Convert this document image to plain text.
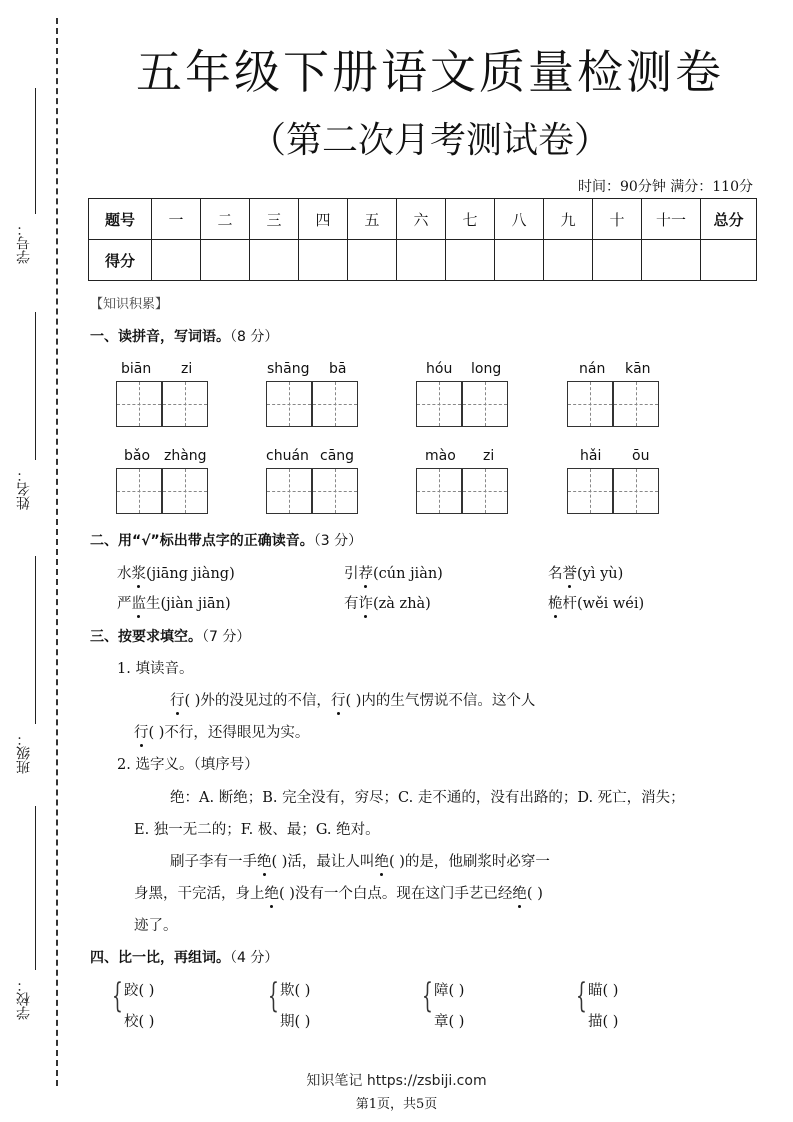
学号：
姓名：
班级：
学校：
五年级下册语文质量检测卷
（第二次月考测试卷）
时间：90分钟 满分：110分
题号	一	二	三	四	五	六	七	八	九	十	十一	总分
得分												
【知识积累】
一、读拼音，写词语。（8 分）
biān zi	shāng bā	hóu long	nán kān
bǎo zhàng	chuán cāng	mào zi	hǎi ōu
二、用“√”标出带点字的正确读音。（3 分）
水浆(jiāng jiàng)	引荐(cún jiàn)	名誉(yì yù)
严监生(jiàn jiān)	有诈(zà zhà)	桅杆(wěi wéi)
三、按要求填空。（7 分）
1. 填读音。
行( )外的没见过的不信，行( )内的生气愣说不信。这个人
行( )不行，还得眼见为实。
2. 选字义。（填序号）
绝：A. 断绝；B. 完全没有，穷尽；C. 走不通的，没有出路的；D. 死亡，消失；
E. 独一无二的；F. 极、最；G. 绝对。
刷子李有一手绝( )活，最让人叫绝( )的是，他刷浆时必穿一
身黑，干完活，身上绝( )没有一个白点。现在这门手艺已经绝( )
迹了。
四、比一比，再组词。（4 分）
{ 跤( )
校( )
{ 欺( )
期( )
{ 障( )
章( )
{ 瞄( )
描( )
知识笔记 https://zsbiji.com
第1页，共5页
